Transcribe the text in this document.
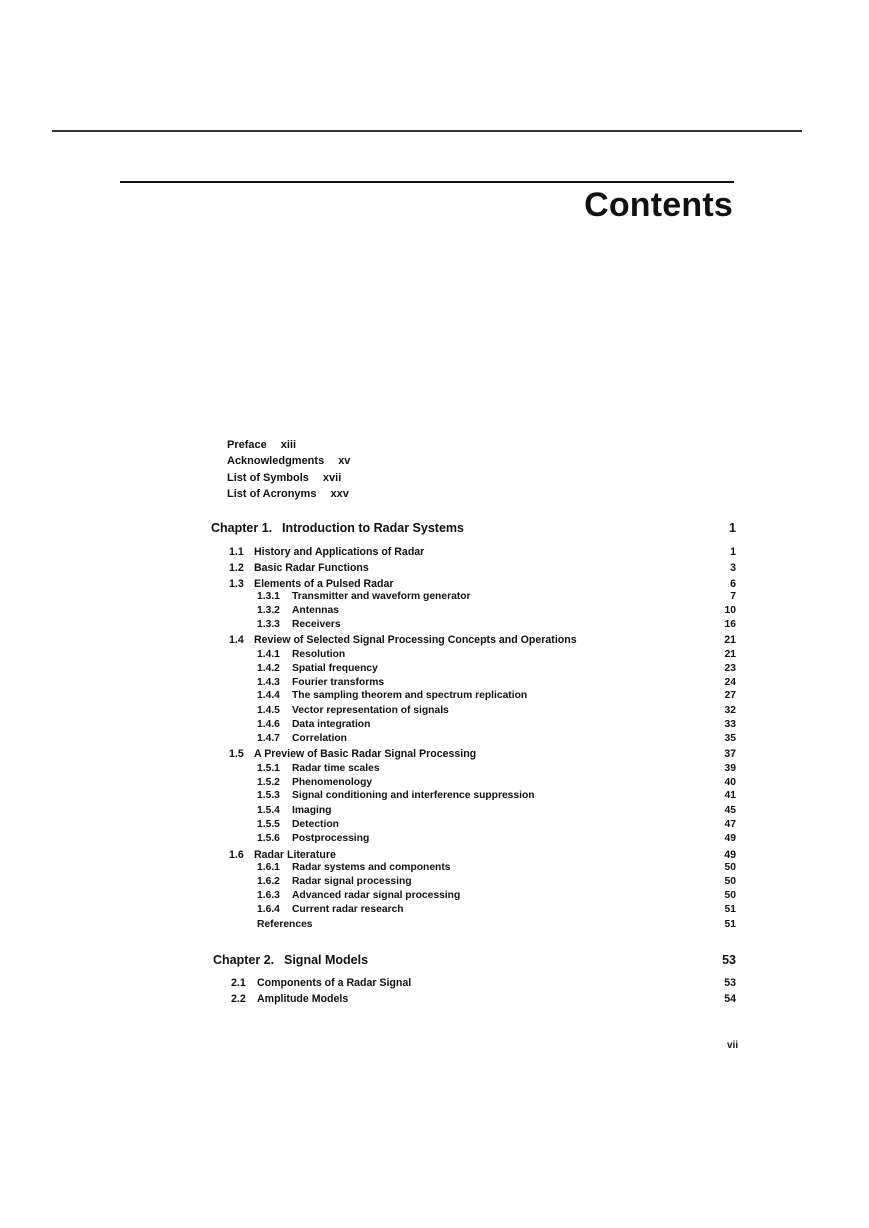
Contents
Preface xiii
Acknowledgments xv
List of Symbols xvii
List of Acronyms xxv
Chapter 1. Introduction to Radar Systems	1
1.1 History and Applications of Radar	1
1.2 Basic Radar Functions	3
1.3 Elements of a Pulsed Radar	6
1.3.1 Transmitter and waveform generator	7
1.3.2 Antennas	10
1.3.3 Receivers	16
1.4 Review of Selected Signal Processing Concepts and Operations	21
1.4.1 Resolution	21
1.4.2 Spatial frequency	23
1.4.3 Fourier transforms	24
1.4.4 The sampling theorem and spectrum replication	27
1.4.5 Vector representation of signals	32
1.4.6 Data integration	33
1.4.7 Correlation	35
1.5 A Preview of Basic Radar Signal Processing	37
1.5.1 Radar time scales	39
1.5.2 Phenomenology	40
1.5.3 Signal conditioning and interference suppression	41
1.5.4 Imaging	45
1.5.5 Detection	47
1.5.6 Postprocessing	49
1.6 Radar Literature	49
1.6.1 Radar systems and components	50
1.6.2 Radar signal processing	50
1.6.3 Advanced radar signal processing	50
1.6.4 Current radar research	51
References	51
Chapter 2. Signal Models	53
2.1 Components of a Radar Signal	53
2.2 Amplitude Models	54
vii
